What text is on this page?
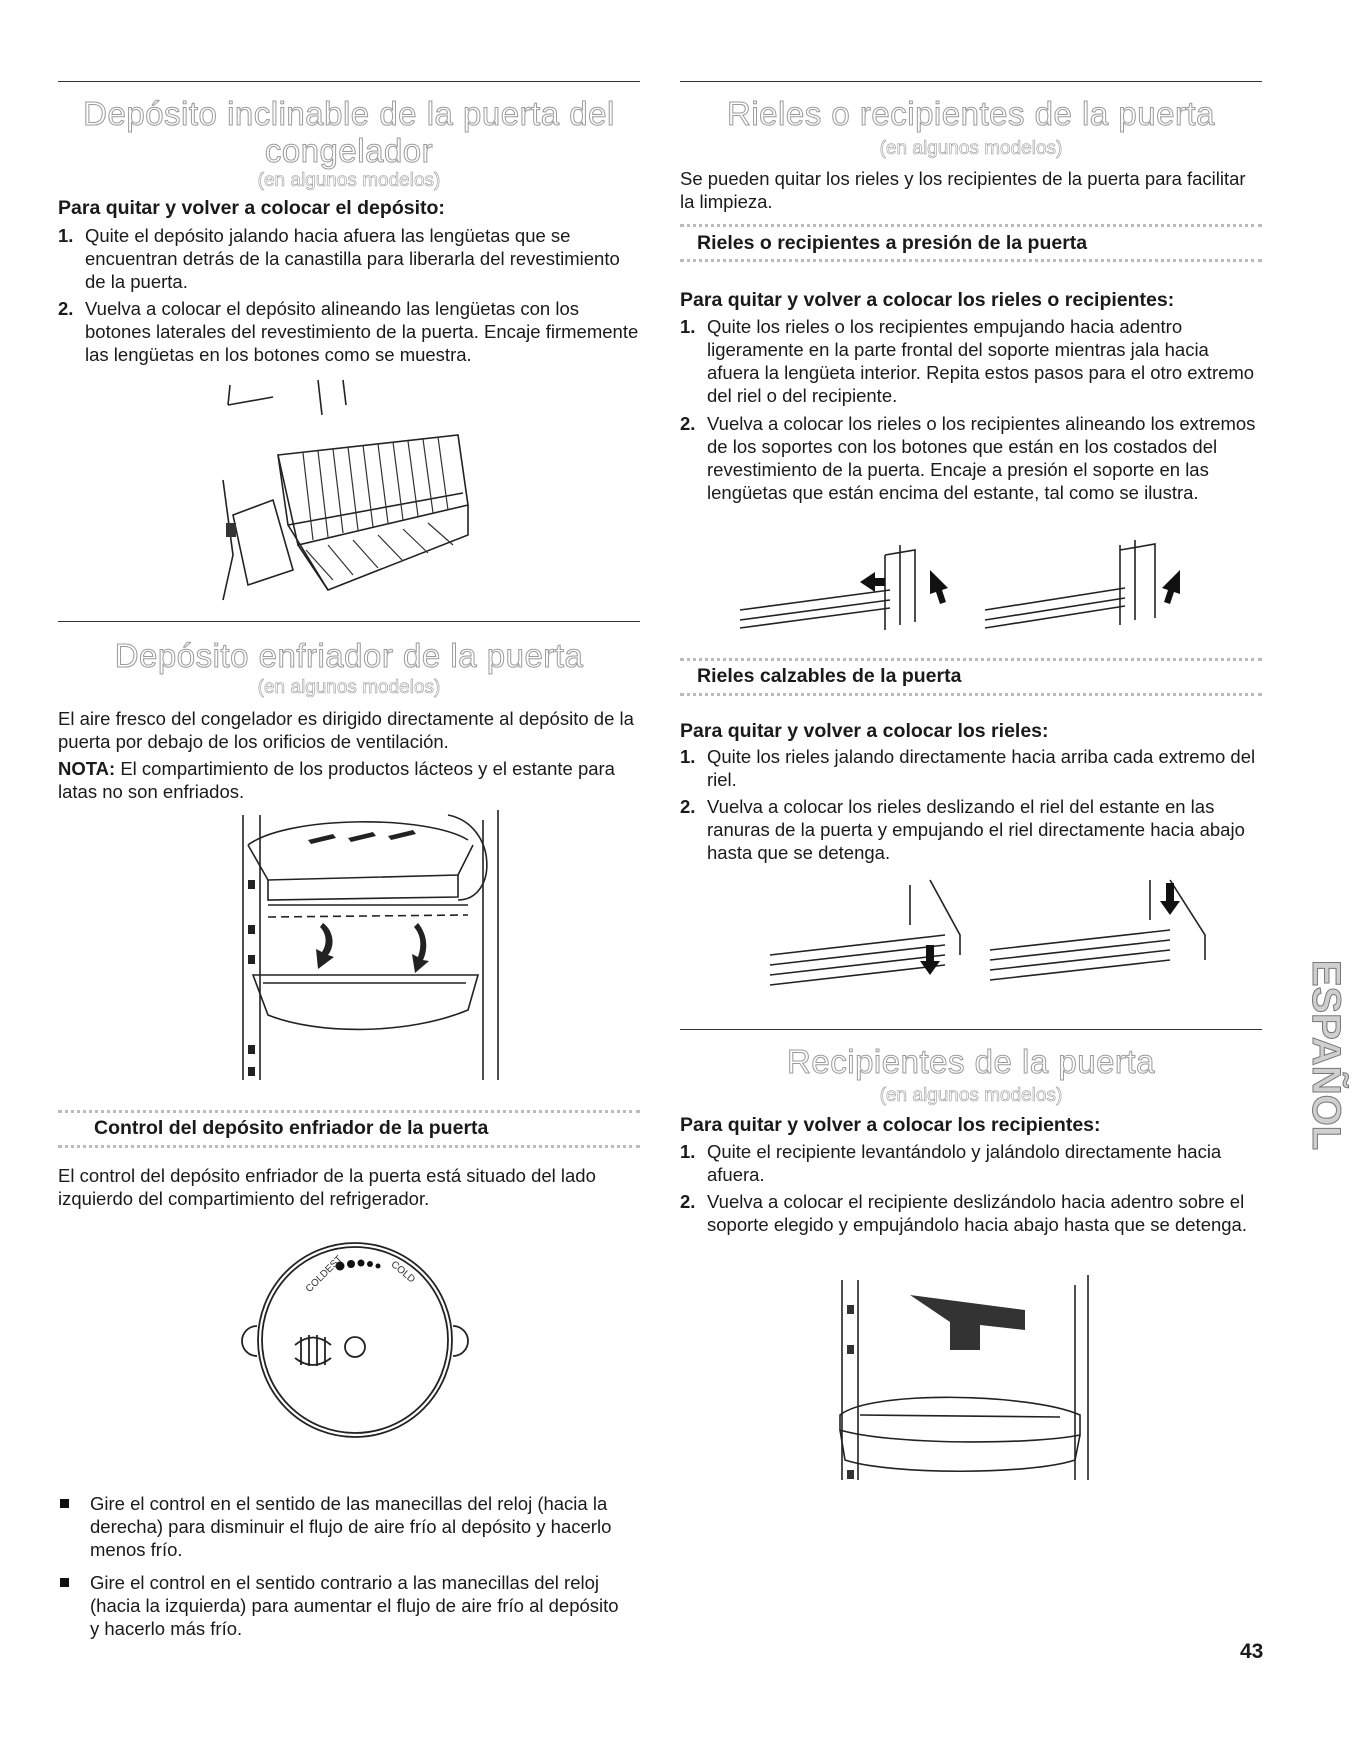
Depósito inclinable de la puerta del
congelador
(en algunos modelos)
Para quitar y volver a colocar el depósito:
1. Quite el depósito jalando hacia afuera las lengüetas que se encuentran detrás de la canastilla para liberarla del revestimiento de la puerta.
2. Vuelva a colocar el depósito alineando las lengüetas con los botones laterales del revestimiento de la puerta. Encaje firmemente las lengüetas en los botones como se muestra.
Depósito enfriador de la puerta
(en algunos modelos)
El aire fresco del congelador es dirigido directamente al depósito de la puerta por debajo de los orificios de ventilación.
NOTA: El compartimiento de los productos lácteos y el estante para latas no son enfriados.
Control del depósito enfriador de la puerta
El control del depósito enfriador de la puerta está situado del lado izquierdo del compartimiento del refrigerador.
COLDEST	COLD
Gire el control en el sentido de las manecillas del reloj (hacia la derecha) para disminuir el flujo de aire frío al depósito y hacerlo menos frío.
Gire el control en el sentido contrario a las manecillas del reloj (hacia la izquierda) para aumentar el flujo de aire frío al depósito y hacerlo más frío.
Rieles o recipientes de la puerta
(en algunos modelos)
Se pueden quitar los rieles y los recipientes de la puerta para facilitar la limpieza.
Rieles o recipientes a presión de la puerta
Para quitar y volver a colocar los rieles o recipientes:
1. Quite los rieles o los recipientes empujando hacia adentro ligeramente en la parte frontal del soporte mientras jala hacia afuera la lengüeta interior. Repita estos pasos para el otro extremo del riel o del recipiente.
2. Vuelva a colocar los rieles o los recipientes alineando los extremos de los soportes con los botones que están en los costados del revestimiento de la puerta. Encaje a presión el soporte en las lengüetas que están encima del estante, tal como se ilustra.
Rieles calzables de la puerta
Para quitar y volver a colocar los rieles:
1. Quite los rieles jalando directamente hacia arriba cada extremo del riel.
2. Vuelva a colocar los rieles deslizando el riel del estante en las ranuras de la puerta y empujando el riel directamente hacia abajo hasta que se detenga.
Recipientes de la puerta
(en algunos modelos)
Para quitar y volver a colocar los recipientes:
1. Quite el recipiente levantándolo y jalándolo directamente hacia afuera.
2. Vuelva a colocar el recipiente deslizándolo hacia adentro sobre el soporte elegido y empujándolo hacia abajo hasta que se detenga.
ESPAÑOL
43
